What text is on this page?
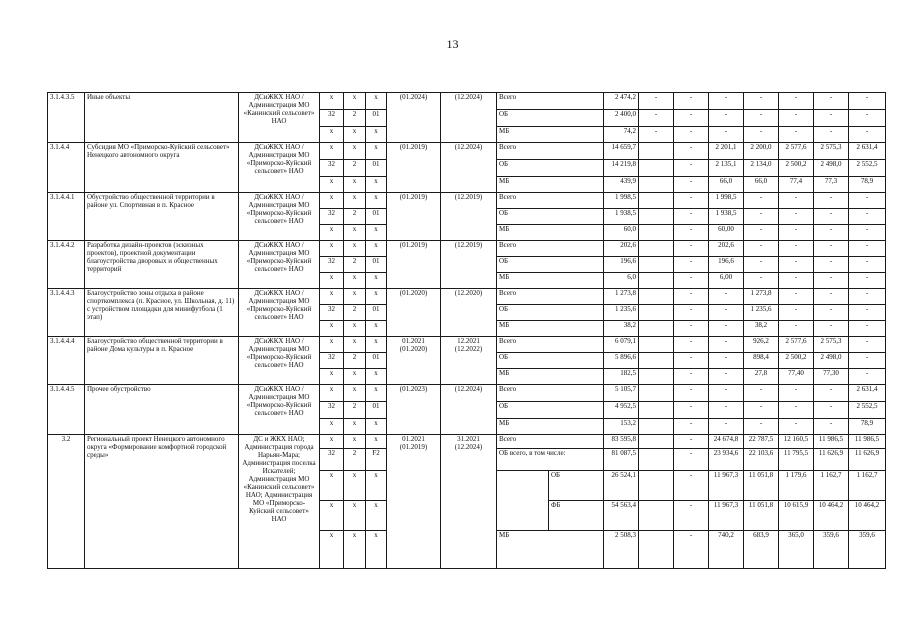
13
3.1.4.3.5	Иные объекты	ДСиЖКХ НАО / Администрация МО «Канинский сельсовет» НАО	х	х	х	(01.2024)	(12.2024)	Всего		2 474,2	-	-	-	-	-	-	-	
			32	2	01			ОБ		2 400,0	-	-	-	-	-	-	-	
			х	х	х			МБ		74,2	-	-	-	-	-	-	-	
3.1.4.4	Субсидия МО «Приморско-Куйский сельсовет» Ненецкого автономного округа	ДСиЖКХ НАО / Администрация МО «Приморско-Куйский сельсовет» НАО	х	х	х	(01.2019)	(12.2024)	Всего		14 659,7		-	2 201,1	2 200,0	2 577,6	2 575,3	2 631,4	
			32	2	01			ОБ		14 219,8		-	2 135,1	2 134,0	2 500,2	2 498,0	2 552,5	
			х	х	х			МБ		439,9		-	66,0	66,0	77,4	77,3	78,9	
3.1.4.4.1	Обустройство общественной территории в районе ул. Спортивная в п. Красное	ДСиЖКХ НАО / Администрация МО «Приморско-Куйский сельсовет» НАО	х	х	х	(01.2019)	(12.2019)	Всего		1 998,5		-	1 998,5	-	-	-	-	
			32	2	01			ОБ		1 938,5		-	1 938,5	-	-	-	-	
			х	х	х			МБ		60,0		-	60,00	-	-	-	-	
3.1.4.4.2	Разработка дизайн-проектов (эскизных проектов), проектной документации благоустройства дворовых и общественных территорий	ДСиЖКХ НАО / Администрация МО «Приморско-Куйский сельсовет» НАО	х	х	х	(01.2019)	(12.2019)	Всего		202,6		-	202,6	-	-	-	-	
			32	2	01			ОБ		196,6		-	196,6	-	-	-	-	
			х	х	х			МБ		6,0		-	6,00	-	-	-	-	
3.1.4.4.3	Благоустройство зоны отдыха в районе спорткомплекса (п. Красное, ул. Школьная, д. 11) с устройством площадки для минифутбола (1 этап)	ДСиЖКХ НАО / Администрация МО «Приморско-Куйский сельсовет» НАО	х	х	х	(01.2020)	(12.2020)	Всего		1 273,8		-	-	1 273,8	-	-	-	
			32	2	01			ОБ		1 235,6		-	-	1 235,6	-	-	-	
			х	х	х			МБ		38,2		-	-	38,2	-	-	-	
3.1.4.4.4	Благоустройство общественной территории в районе Дома культуры в п. Красное	ДСиЖКХ НАО / Администрация МО «Приморско-Куйский сельсовет» НАО	х	х	х	01.2021 (01.2020)	12.2021 (12.2022)	Всего		6 079,1		-	-	926,2	2 577,6	2 575,3	-	
			32	2	01			ОБ		5 896,6		-	-	898,4	2 500,2	2 498,0	-	
			х	х	х			МБ		182,5		-	-	27,8	77,40	77,30	-	
3.1.4.4.5	Прочее обустройство	ДСиЖКХ НАО / Администрация МО «Приморско-Куйский сельсовет» НАО	х	х	х	(01.2023)	(12.2024)	Всего		5 105,7		-	-	-	-	-	2 631,4	
			32	2	01			ОБ		4 952,5		-	-	-	-	-	2 552,5	
			х	х	х			МБ		153,2		-	-	-	-	-	78,9	
3.2	Региональный проект Ненецкого автономного округа «Формирование комфортной городской среды»	ДС и ЖКХ НАО; Администрация города Нарьян-Мара; Администрация поселка Искателей; Администрация МО «Канинский сельсовет» НАО; Администрация МО «Приморско-Куйский сельсовет» НАО	х	х	х	01.2021 (01.2019)	31.2021 (12.2024)	Всего		83 595,8		-	24 674,8	22 787,5	12 160,5	11 986,5	11 986,5	
			32	2	F2			ОБ всего, в том числе:		81 087,5		-	23 934,6	22 103,6	11 795,5	11 626,9	11 626,9	
			х	х	х				ОБ	26 524,1		-	11 967,3	11 051,8	1 179,6	1 162,7	1 162,7	
			х	х	х				ФБ	54 563,4		-	11 967,3	11 051,8	10 615,9	10 464,2	10 464,2	
			х	х	х			МБ		2 508,3		-	740,2	683,9	365,0	359,6	359,6	
